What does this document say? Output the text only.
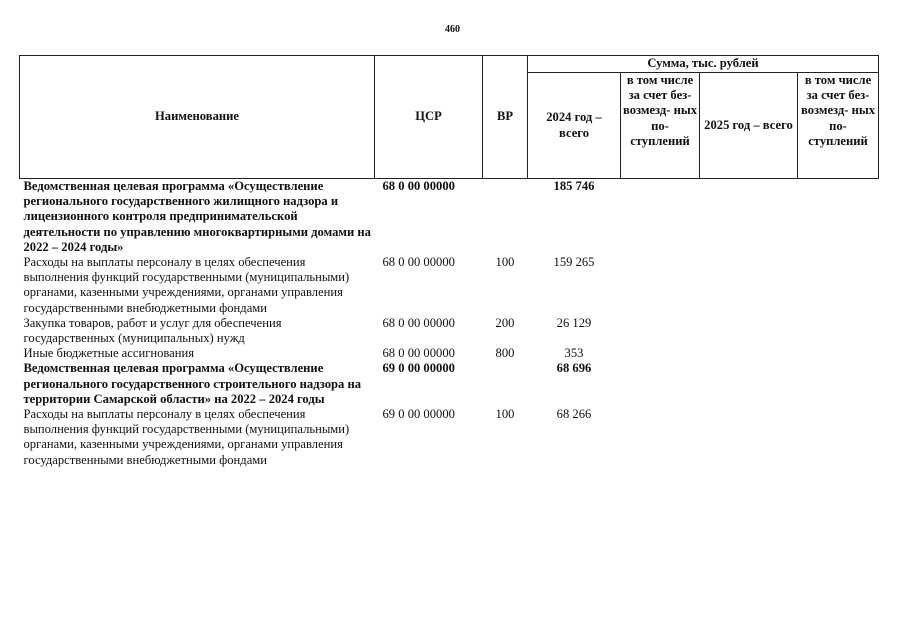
460
Наименование	ЦСР	ВР	Сумма, тыс. рублей			
			2024 год – всего	в том числе за счет без- возмезд- ных по- ступлений	2025 год – всего	в том числе за счет без- возмезд- ных по- ступлений
Ведомственная целевая программа «Осуществление регионального государственного жилищного надзора и лицензионного контроля предпринимательской деятельности по управлению многоквартирными домами на 2022 – 2024 годы»	68 0 00 00000		185 746			
Расходы на выплаты персоналу в целях обеспечения выполнения функций государственными (муниципальными) органами, казенными учреждениями, органами управления государственными внебюджетными фондами	68 0 00 00000	100	159 265			
Закупка товаров, работ и услуг для обеспечения государственных (муниципальных) нужд	68 0 00 00000	200	26 129			
Иные бюджетные ассигнования	68 0 00 00000	800	353			
Ведомственная целевая программа «Осуществление регионального государственного строительного надзора на территории Самарской области» на 2022 – 2024 годы	69 0 00 00000		68 696			
Расходы на выплаты персоналу в целях обеспечения выполнения функций государственными (муниципальными) органами, казенными учреждениями, органами управления государственными внебюджетными фондами	69 0 00 00000	100	68 266			
